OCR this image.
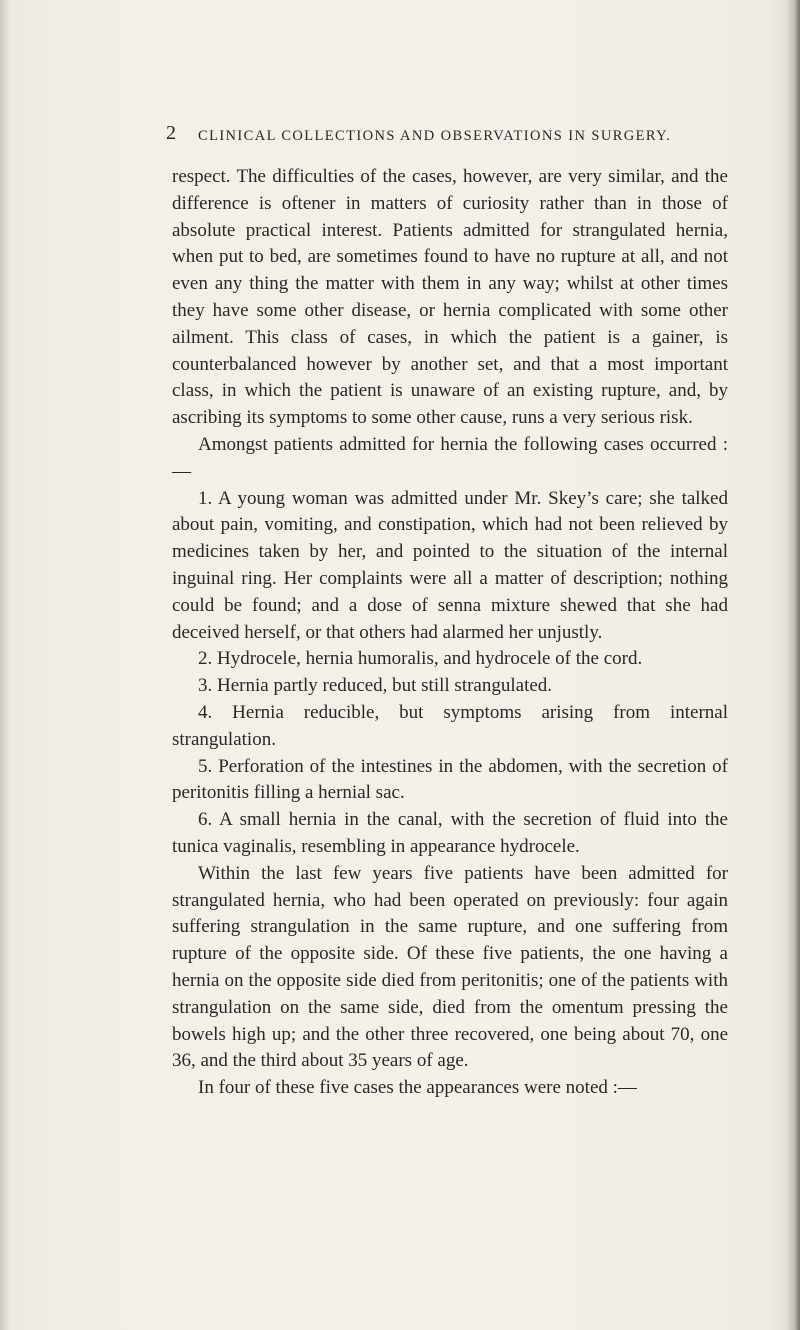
2 CLINICAL COLLECTIONS AND OBSERVATIONS IN SURGERY.

respect. The difficulties of the cases, however, are very similar, and the difference is oftener in matters of curiosity rather than in those of absolute practical interest. Patients admitted for strangulated hernia, when put to bed, are sometimes found to have no rupture at all, and not even any thing the matter with them in any way; whilst at other times they have some other disease, or hernia complicated with some other ailment. This class of cases, in which the patient is a gainer, is counterbalanced however by another set, and that a most important class, in which the patient is unaware of an existing rupture, and, by ascribing its symptoms to some other cause, runs a very serious risk.

Amongst patients admitted for hernia the following cases occurred :—

1. A young woman was admitted under Mr. Skey’s care; she talked about pain, vomiting, and constipation, which had not been relieved by medicines taken by her, and pointed to the situation of the internal inguinal ring. Her complaints were all a matter of description; nothing could be found; and a dose of senna mixture shewed that she had deceived herself, or that others had alarmed her unjustly.

2. Hydrocele, hernia humoralis, and hydrocele of the cord.

3. Hernia partly reduced, but still strangulated.

4. Hernia reducible, but symptoms arising from internal strangulation.

5. Perforation of the intestines in the abdomen, with the secretion of peritonitis filling a hernial sac.

6. A small hernia in the canal, with the secretion of fluid into the tunica vaginalis, resembling in appearance hydrocele.

Within the last few years five patients have been admitted for strangulated hernia, who had been operated on previously: four again suffering strangulation in the same rupture, and one suffering from rupture of the opposite side. Of these five patients, the one having a hernia on the opposite side died from peritonitis; one of the patients with strangulation on the same side, died from the omentum pressing the bowels high up; and the other three recovered, one being about 70, one 36, and the third about 35 years of age.

In four of these five cases the appearances were noted :—
